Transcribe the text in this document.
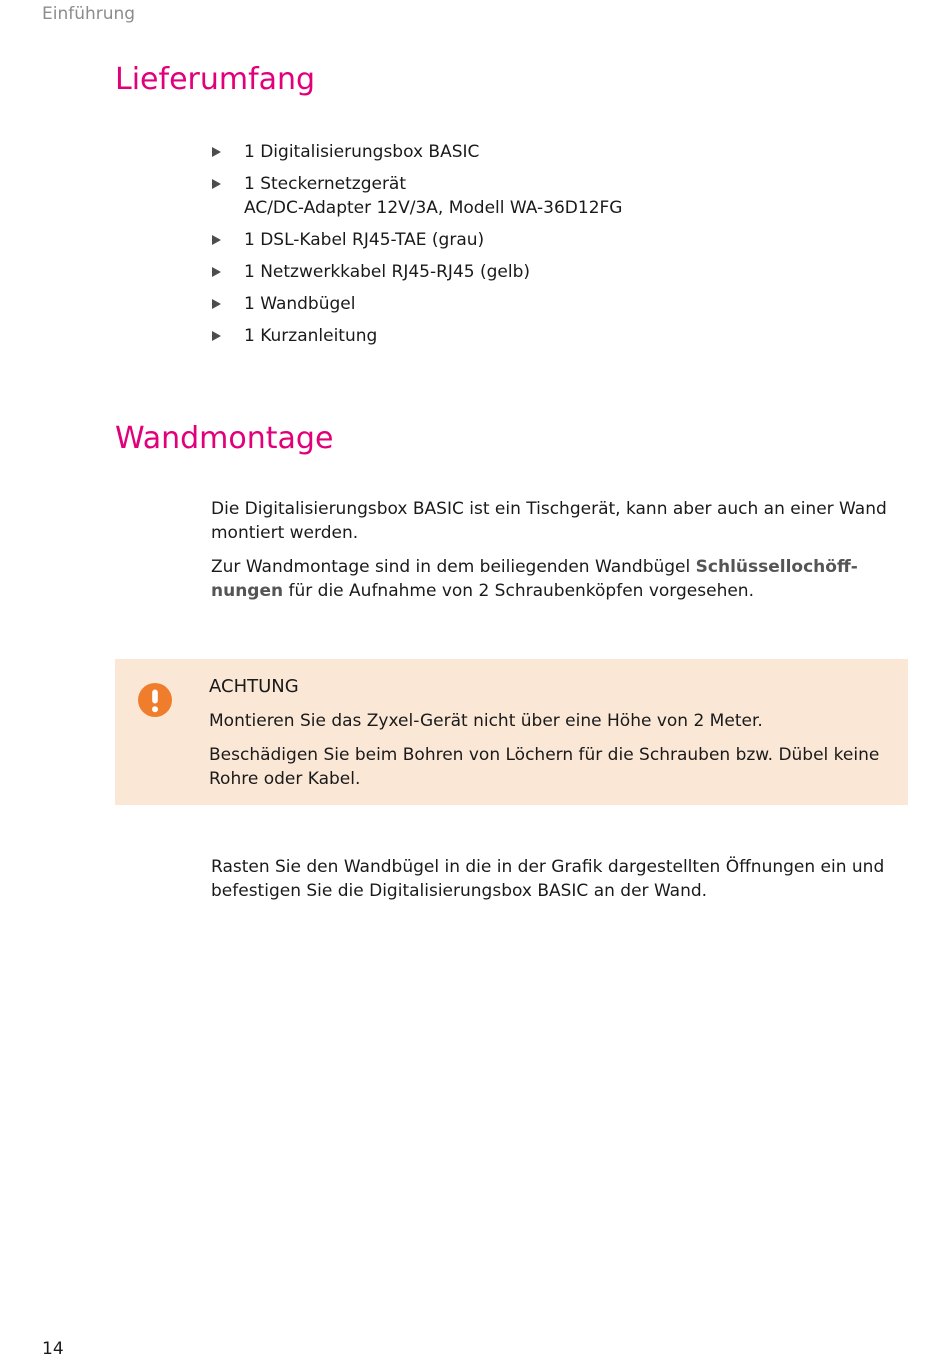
Einführung
Lieferumfang
1 Digitalisierungsbox BASIC
1 Steckernetzgerät
AC/DC-Adapter 12V/3A, Modell WA-36D12FG
1 DSL-Kabel RJ45-TAE (grau)
1 Netzwerkkabel RJ45-RJ45 (gelb)
1 Wandbügel
1 Kurzanleitung
Wandmontage

Die Digitalisierungsbox BASIC ist ein Tischgerät, kann aber auch an einer Wand montiert werden.

Zur Wandmontage sind in dem beiliegenden Wandbügel Schlüssellochöffnungen für die Aufnahme von 2 Schraubenköpfen vorgesehen.

ACHTUNG

Montieren Sie das Zyxel-Gerät nicht über eine Höhe von 2 Meter.

Beschädigen Sie beim Bohren von Löchern für die Schrauben bzw. Dübel keine Rohre oder Kabel.

Rasten Sie den Wandbügel in die in der Grafik dargestellten Öffnungen ein und befestigen Sie die Digitalisierungsbox BASIC an der Wand.

14
